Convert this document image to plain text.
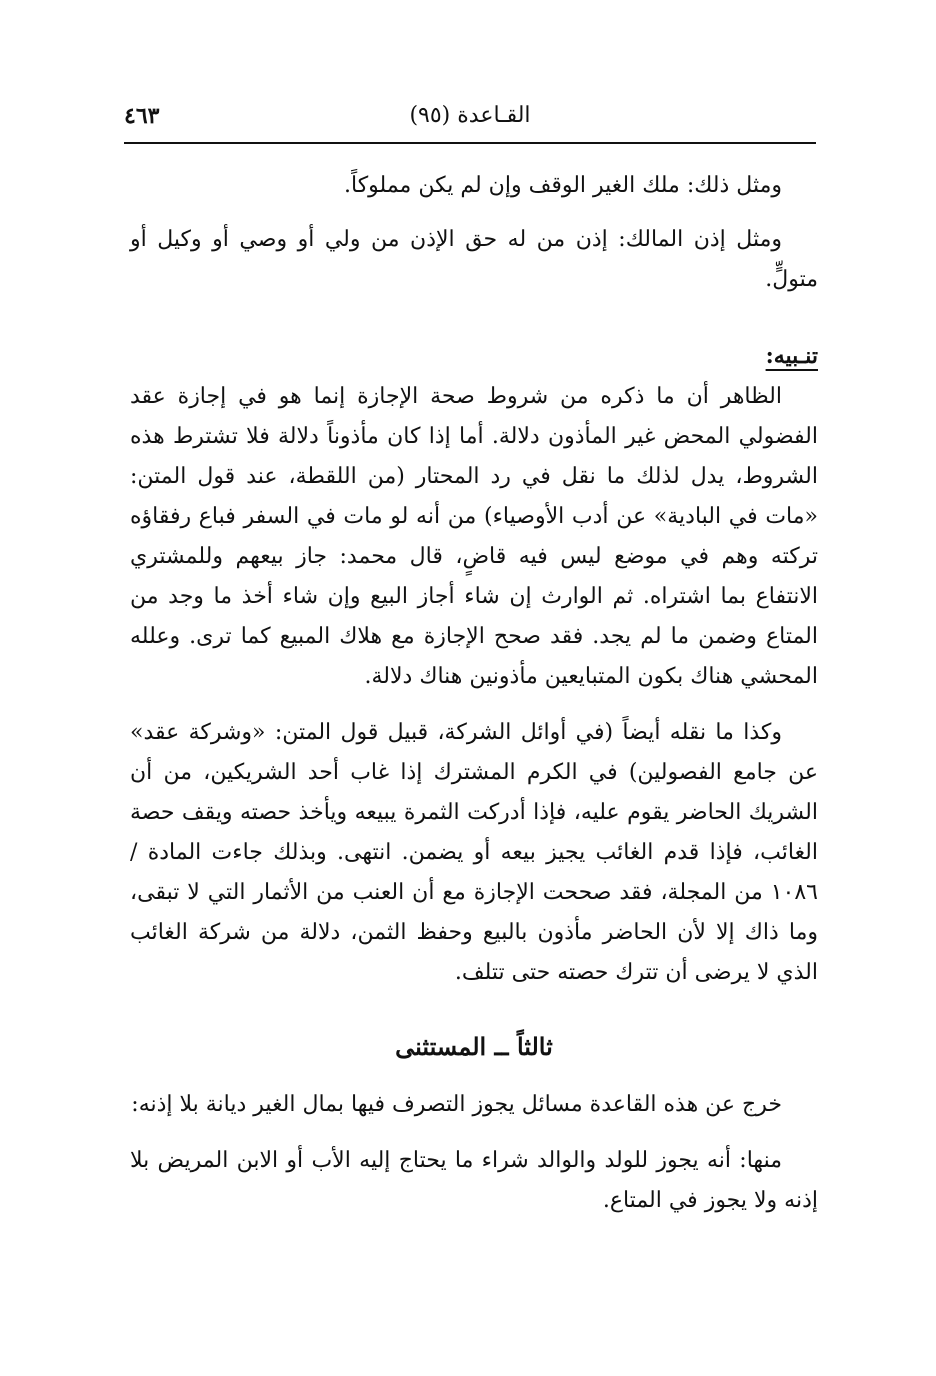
القـاعدة (٩٥)
٤٦٣

ومثل ذلك: ملك الغير الوقف وإن لم يكن مملوكاً.

ومثل إذن المالك: إذن من له حق الإذن من ولي أو وصي أو وكيل أو متولٍّ.

تنـبيه:

الظاهر أن ما ذكره من شروط صحة الإجازة إنما هو في إجازة عقد الفضولي المحض غير المأذون دلالة. أما إذا كان مأذوناً دلالة فلا تشترط هذه الشروط، يدل لذلك ما نقل في رد المحتار (من اللقطة، عند قول المتن: «مات في البادية» عن أدب الأوصياء) من أنه لو مات في السفر فباع رفقاؤه تركته وهم في موضع ليس فيه قاضٍ، قال محمد: جاز بيعهم وللمشتري الانتفاع بما اشتراه. ثم الوارث إن شاء أجاز البيع وإن شاء أخذ ما وجد من المتاع وضمن ما لم يجد. فقد صحح الإجازة مع هلاك المبيع كما ترى. وعلله المحشي هناك بكون المتبايعين مأذونين هناك دلالة.

وكذا ما نقله أيضاً (في أوائل الشركة، قبيل قول المتن: «وشركة عقد» عن جامع الفصولين) في الكرم المشترك إذا غاب أحد الشريكين، من أن الشريك الحاضر يقوم عليه، فإذا أدركت الثمرة يبيعه ويأخذ حصته ويقف حصة الغائب، فإذا قدم الغائب يجيز بيعه أو يضمن. انتهى. وبذلك جاءت المادة / ١٠٨٦ من المجلة، فقد صححت الإجازة مع أن العنب من الأثمار التي لا تبقى، وما ذاك إلا لأن الحاضر مأذون بالبيع وحفظ الثمن، دلالة من شركة الغائب الذي لا يرضى أن تترك حصته حتى تتلف.

ثالثاً ــ المستثنى

خرج عن هذه القاعدة مسائل يجوز التصرف فيها بمال الغير ديانة بلا إذنه:

منها: أنه يجوز للولد والوالد شراء ما يحتاج إليه الأب أو الابن المريض بلا إذنه ولا يجوز في المتاع.
